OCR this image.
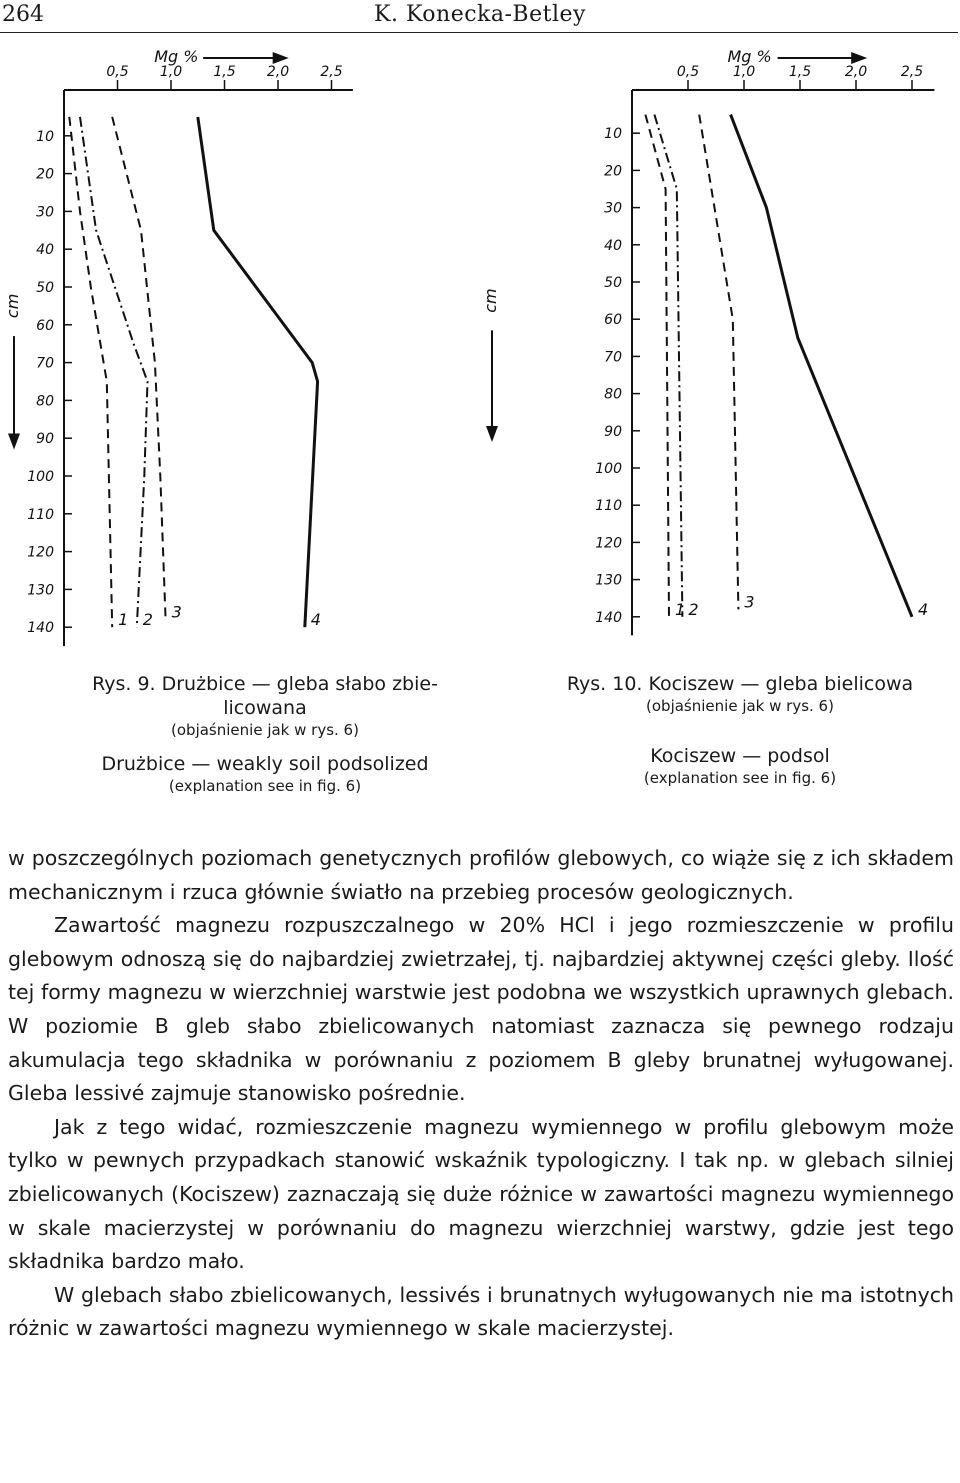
264	K. Konecka-Betley
0,5 1,0 1,5 2,0 2,5
Mg %
10
20
30
40
50
60
70
80
90
100
110
120
130
140
cm
1 2 3	4
0,5 1,0 1,5 2,0 2,5
Mg %
10
20
30
40
50
60
70
80
90
100
110
120
130
140
cm
1 2	3	4
Rys. 9. Drużbice — gleba słabo zbie-
licowana
(objaśnienie jak w rys. 6)
Drużbice — weakly soil podsolized
(explanation see in fig. 6)
Rys. 10. Kociszew — gleba bielicowa
(objaśnienie jak w rys. 6)
Kociszew — podsol
(explanation see in fig. 6)

w poszczególnych poziomach genetycznych profilów glebowych, co wiąże się z ich składem mechanicznym i rzuca głównie światło na przebieg procesów geologicznych.

Zawartość magnezu rozpuszczalnego w 20% HCl i jego rozmieszczenie w profilu glebowym odnoszą się do najbardziej zwietrzałej, tj. najbardziej aktywnej części gleby. Ilość tej formy magnezu w wierzchniej warstwie jest podobna we wszystkich uprawnych glebach. W poziomie B gleb słabo zbielicowanych natomiast zaznacza się pewnego rodzaju akumulacja tego składnika w porównaniu z poziomem B gleby brunatnej wyługowanej. Gleba lessivé zajmuje stanowisko pośrednie.

Jak z tego widać, rozmieszczenie magnezu wymiennego w profilu glebowym może tylko w pewnych przypadkach stanowić wskaźnik typologiczny. I tak np. w glebach silniej zbielicowanych (Kociszew) zaznaczają się duże różnice w zawartości magnezu wymiennego w skale macierzystej w porównaniu do magnezu wierzchniej warstwy, gdzie jest tego składnika bardzo mało.

W glebach słabo zbielicowanych, lessivés i brunatnych wyługowanych nie ma istotnych różnic w zawartości magnezu wymiennego w skale macierzystej.
